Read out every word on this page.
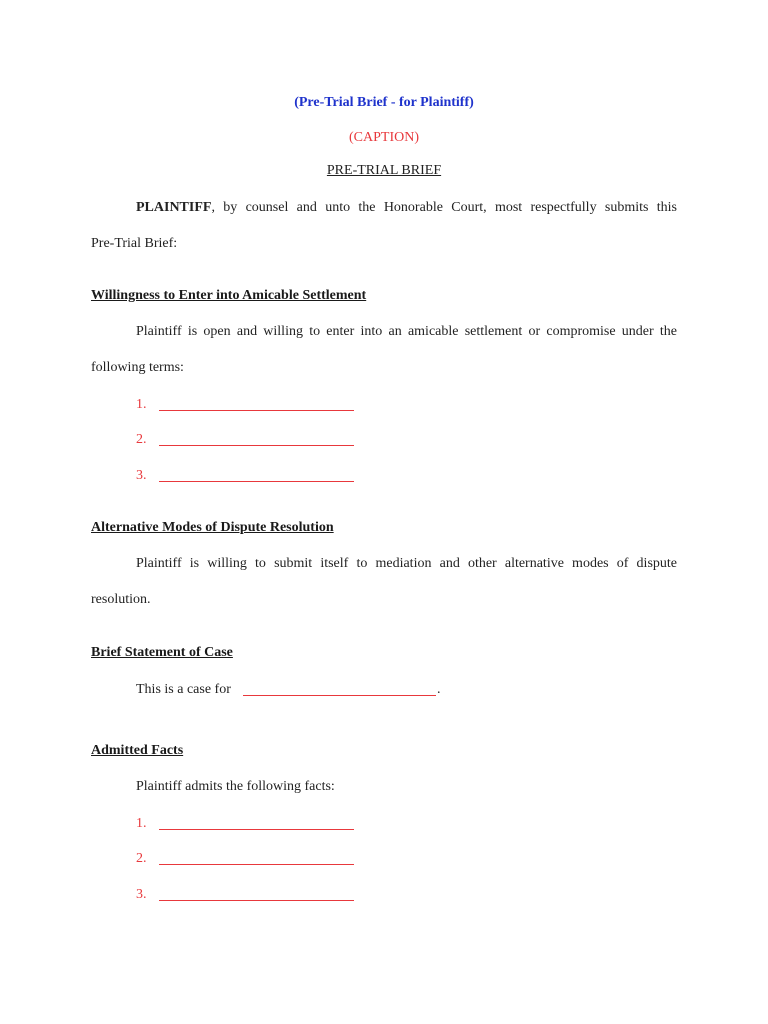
(Pre-Trial Brief - for Plaintiff)
(CAPTION)
PRE-TRIAL BRIEF
PLAINTIFF, by counsel and unto the Honorable Court, most respectfully submits this
Pre-Trial Brief:
Willingness to Enter into Amicable Settlement
Plaintiff is open and willing to enter into an amicable settlement or compromise under the
following terms:
1.
2.
3.
Alternative Modes of Dispute Resolution
Plaintiff is willing to submit itself to mediation and other alternative modes of dispute
resolution.
Brief Statement of Case
This is a case for	.
Admitted Facts
Plaintiff admits the following facts:
1.
2.
3.
